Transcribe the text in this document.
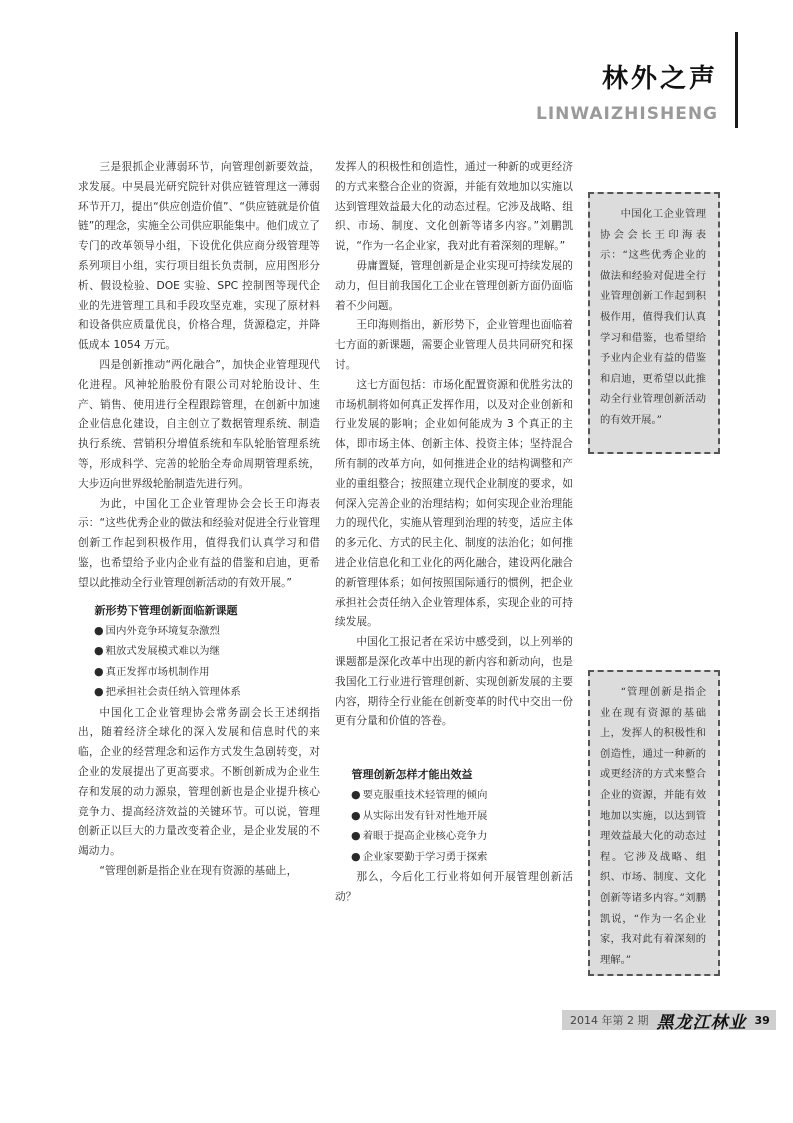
林外之声
LINWAIZHISHENG

三是狠抓企业薄弱环节，向管理创新要效益，求发展。中昊晨光研究院针对供应链管理这一薄弱环节开刀，提出“供应创造价值”、“供应链就是价值链”的理念，实施全公司供应职能集中。他们成立了专门的改革领导小组，下设优化供应商分级管理等系列项目小组，实行项目组长负责制，应用图形分析、假设检验、DOE 实验、SPC 控制图等现代企业的先进管理工具和手段攻坚克难，实现了原材料和设备供应质量优良，价格合理，货源稳定，并降低成本 1054 万元。

四是创新推动“两化融合”，加快企业管理现代化进程。风神轮胎股份有限公司对轮胎设计、生产、销售、使用进行全程跟踪管理，在创新中加速企业信息化建设，自主创立了数据管理系统、制造执行系统、营销积分增值系统和车队轮胎管理系统等，形成科学、完善的轮胎全寿命周期管理系统，大步迈向世界级轮胎制造先进行列。

为此，中国化工企业管理协会会长王印海表示：“这些优秀企业的做法和经验对促进全行业管理创新工作起到积极作用，值得我们认真学习和借鉴，也希望给予业内企业有益的借鉴和启迪，更希望以此推动全行业管理创新活动的有效开展。”

新形势下管理创新面临新课题
● 国内外竞争环境复杂激烈
● 粗放式发展模式难以为继
● 真正发挥市场机制作用
● 把承担社会责任纳入管理体系

中国化工企业管理协会常务副会长王述纲指出，随着经济全球化的深入发展和信息时代的来临，企业的经营理念和运作方式发生急剧转变，对企业的发展提出了更高要求。不断创新成为企业生存和发展的动力源泉，管理创新也是企业提升核心竞争力、提高经济效益的关键环节。可以说，管理创新正以巨大的力量改变着企业，是企业发展的不竭动力。

“管理创新是指企业在现有资源的基础上，

发挥人的积极性和创造性，通过一种新的或更经济的方式来整合企业的资源，并能有效地加以实施以达到管理效益最大化的动态过程。它涉及战略、组织、市场、制度、文化创新等诸多内容。”刘鹏凯说，“作为一名企业家，我对此有着深刻的理解。”

毋庸置疑，管理创新是企业实现可持续发展的动力，但目前我国化工企业在管理创新方面仍面临着不少问题。

王印海则指出，新形势下，企业管理也面临着七方面的新课题，需要企业管理人员共同研究和探讨。

这七方面包括：市场化配置资源和优胜劣汰的市场机制将如何真正发挥作用，以及对企业创新和行业发展的影响；企业如何能成为 3 个真正的主体，即市场主体、创新主体、投资主体；坚持混合所有制的改革方向，如何推进企业的结构调整和产业的重组整合；按照建立现代企业制度的要求，如何深入完善企业的治理结构；如何实现企业治理能力的现代化，实施从管理到治理的转变，适应主体的多元化、方式的民主化、制度的法治化；如何推进企业信息化和工业化的两化融合，建设两化融合的新管理体系；如何按照国际通行的惯例，把企业承担社会责任纳入企业管理体系，实现企业的可持续发展。

中国化工报记者在采访中感受到，以上列举的课题都是深化改革中出现的新内容和新动向，也是我国化工行业进行管理创新、实现创新发展的主要内容，期待全行业能在创新变革的时代中交出一份更有分量和价值的答卷。

管理创新怎样才能出效益
● 要克服重技术轻管理的倾向
● 从实际出发有针对性地开展
● 着眼于提高企业核心竞争力
● 企业家要勤于学习勇于探索

那么，今后化工行业将如何开展管理创新活动？

中国化工企业管理协会会长王印海表示：“这些优秀企业的做法和经验对促进全行业管理创新工作起到积极作用，值得我们认真学习和借鉴，也希望给予业内企业有益的借鉴和启迪，更希望以此推动全行业管理创新活动的有效开展。”

“管理创新是指企业在现有资源的基础上，发挥人的积极性和创造性，通过一种新的或更经济的方式来整合企业的资源，并能有效地加以实施，以达到管理效益最大化的动态过程。它涉及战略、组织、市场、制度、文化创新等诸多内容。”刘鹏凯说，“作为一名企业家，我对此有着深刻的理解。”

2014 年第 2 期 黑龙江林业 39
